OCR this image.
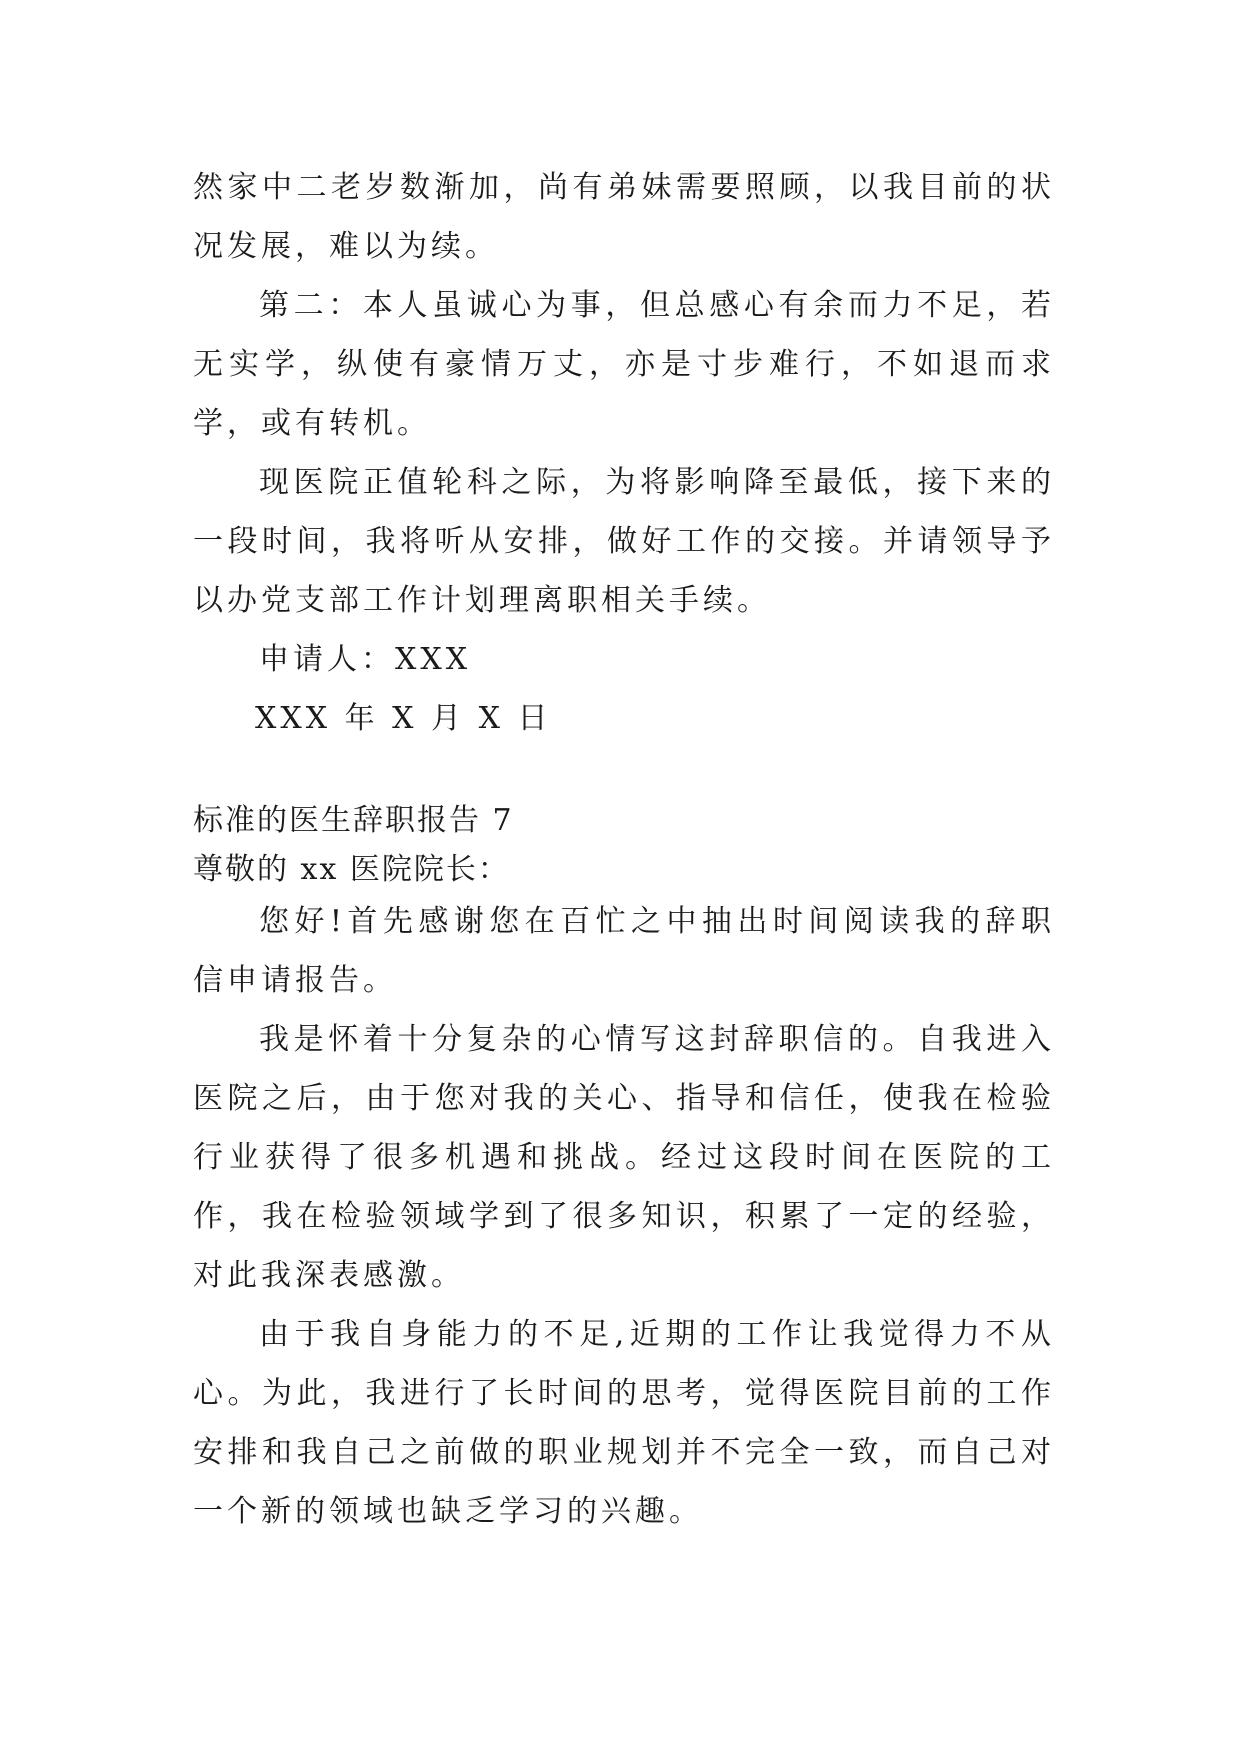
然家中二老岁数渐加，尚有弟妹需要照顾，以我目前的状况发展，难以为续。

第二：本人虽诚心为事，但总感心有余而力不足，若无实学，纵使有豪情万丈，亦是寸步难行，不如退而求学，或有转机。

现医院正值轮科之际，为将影响降至最低，接下来的一段时间，我将听从安排，做好工作的交接。并请领导予以办党支部工作计划理离职相关手续。

申请人：XXX

XXX 年 X 月 X 日

标准的医生辞职报告 7

尊敬的 xx 医院院长：

您好!首先感谢您在百忙之中抽出时间阅读我的辞职信申请报告。

我是怀着十分复杂的心情写这封辞职信的。自我进入医院之后，由于您对我的关心、指导和信任，使我在检验行业获得了很多机遇和挑战。经过这段时间在医院的工作，我在检验领域学到了很多知识，积累了一定的经验，对此我深表感激。

由于我自身能力的不足,近期的工作让我觉得力不从心。为此，我进行了长时间的思考，觉得医院目前的工作安排和我自己之前做的职业规划并不完全一致，而自己对一个新的领域也缺乏学习的兴趣。
